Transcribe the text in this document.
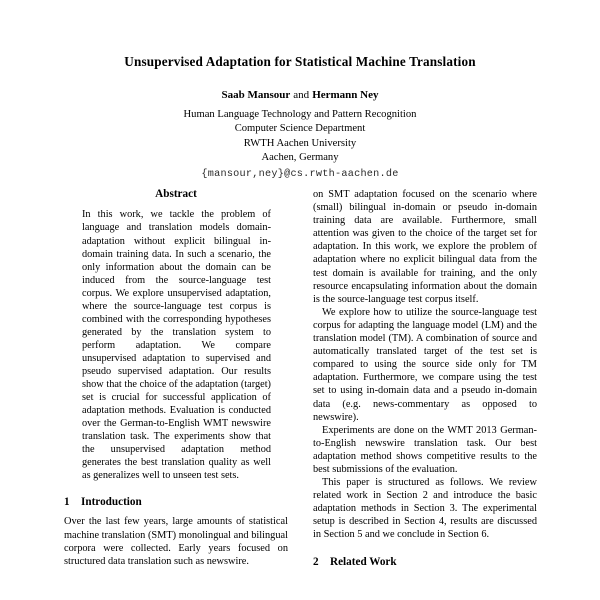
Unsupervised Adaptation for Statistical Machine Translation
Saab Mansour and Hermann Ney
Human Language Technology and Pattern Recognition
Computer Science Department
RWTH Aachen University
Aachen, Germany
{mansour,ney}@cs.rwth-aachen.de
Abstract

In this work, we tackle the problem of language and translation models domain-adaptation without explicit bilingual in-domain training data. In such a scenario, the only information about the domain can be induced from the source-language test corpus. We explore unsupervised adaptation, where the source-language test corpus is combined with the corresponding hypotheses generated by the translation system to perform adaptation. We compare unsupervised adaptation to supervised and pseudo supervised adaptation. Our results show that the choice of the adaptation (target) set is crucial for successful application of adaptation methods. Evaluation is conducted over the German-to-English WMT newswire translation task. The experiments show that the unsupervised adaptation method generates the best translation quality as well as generalizes well to unseen test sets.

1	Introduction

Over the last few years, large amounts of statistical machine translation (SMT) monolingual and bilingual corpora were collected. Early years focused on structured data translation such as newswire.

on SMT adaptation focused on the scenario where (small) bilingual in-domain or pseudo in-domain training data are available. Furthermore, small attention was given to the choice of the target set for adaptation. In this work, we explore the problem of adaptation where no explicit bilingual data from the test domain is available for training, and the only resource encapsulating information about the domain is the source-language test corpus itself.

We explore how to utilize the source-language test corpus for adapting the language model (LM) and the translation model (TM). A combination of source and automatically translated target of the test set is compared to using the source side only for TM adaptation. Furthermore, we compare using the test set to using in-domain data and a pseudo in-domain data (e.g. news-commentary as opposed to newswire).

Experiments are done on the WMT 2013 German-to-English newswire translation task. Our best adaptation method shows competitive results to the best submissions of the evaluation.

This paper is structured as follows. We review related work in Section 2 and introduce the basic adaptation methods in Section 3. The experimental setup is described in Section 4, results are discussed in Section 5 and we conclude in Section 6.

2	Related Work
